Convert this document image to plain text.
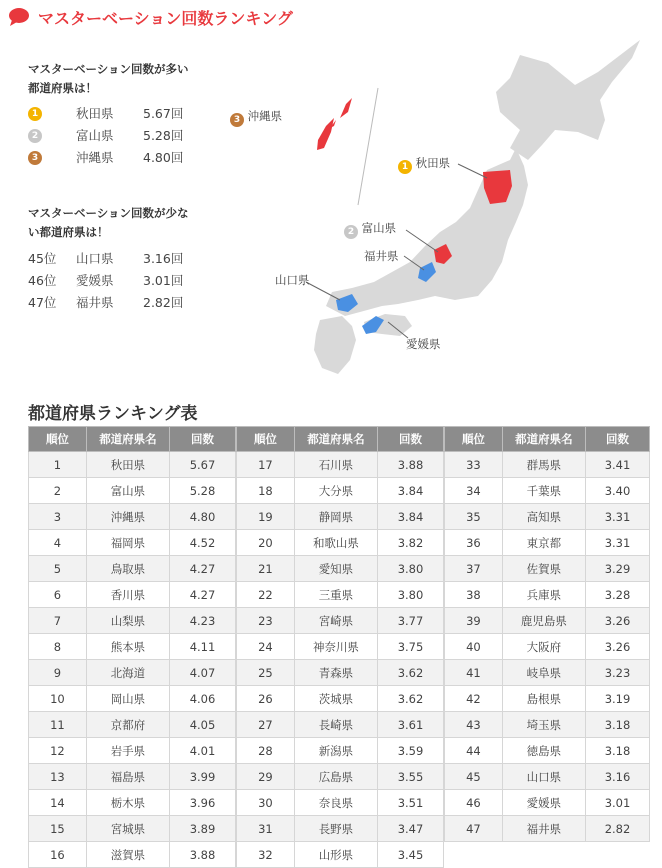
マスターベーション回数ランキング
マスターベーション回数が多い
都道府県は！
1	秋田県 5.67回
2	富山県 5.28回
3	沖縄県 4.80回
マスターベーション回数が少な
い都道府県は！
45位 山口県 3.16回
46位 愛媛県 3.01回
47位 福井県 2.82回
3 沖縄県
1 秋田県
2 富山県
福井県
山口県
愛媛県
都道府県ランキング表
順位	都道府県名	回数
1	秋田県	5.67
2	富山県	5.28
3	沖縄県	4.80
4	福岡県	4.52
5	鳥取県	4.27
6	香川県	4.27
7	山梨県	4.23
8	熊本県	4.11
9	北海道	4.07
10	岡山県	4.06
11	京都府	4.05
12	岩手県	4.01
13	福島県	3.99
14	栃木県	3.96
15	宮城県	3.89
16	滋賀県	3.88
順位	都道府県名	回数
17	石川県	3.88
18	大分県	3.84
19	静岡県	3.84
20	和歌山県	3.82
21	愛知県	3.80
22	三重県	3.80
23	宮崎県	3.77
24	神奈川県	3.75
25	青森県	3.62
26	茨城県	3.62
27	長崎県	3.61
28	新潟県	3.59
29	広島県	3.55
30	奈良県	3.51
31	長野県	3.47
32	山形県	3.45
順位	都道府県名	回数
33	群馬県	3.41
34	千葉県	3.40
35	高知県	3.31
36	東京都	3.31
37	佐賀県	3.29
38	兵庫県	3.28
39	鹿児島県	3.26
40	大阪府	3.26
41	岐阜県	3.23
42	島根県	3.19
43	埼玉県	3.18
44	徳島県	3.18
45	山口県	3.16
46	愛媛県	3.01
47	福井県	2.82
